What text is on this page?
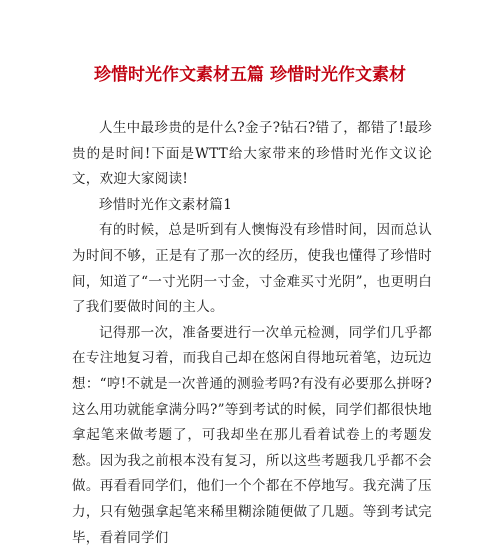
珍惜时光作文素材五篇 珍惜时光作文素材

人生中最珍贵的是什么?金子?钻石?错了，都错了!最珍贵的是时间!下面是WTT给大家带来的珍惜时光作文议论文，欢迎大家阅读!

珍惜时光作文素材篇1

有的时候，总是听到有人懊悔没有珍惜时间，因而总认为时间不够，正是有了那一次的经历，使我也懂得了珍惜时间，知道了“一寸光阴一寸金，寸金难买寸光阴”，也更明白了我们要做时间的主人。

记得那一次，准备要进行一次单元检测，同学们几乎都在专注地复习着，而我自己却在悠闲自得地玩着笔，边玩边想：“哼!不就是一次普通的测验考吗?有没有必要那么拼呀?这么用功就能拿满分吗?”等到考试的时候，同学们都很快地拿起笔来做考题了，可我却坐在那儿看着试卷上的考题发愁。因为我之前根本没有复习，所以这些考题我几乎都不会做。再看看同学们，他们一个个都在不停地写。我充满了压力，只有勉强拿起笔来稀里糊涂随便做了几题。等到考试完毕，看着同学们
